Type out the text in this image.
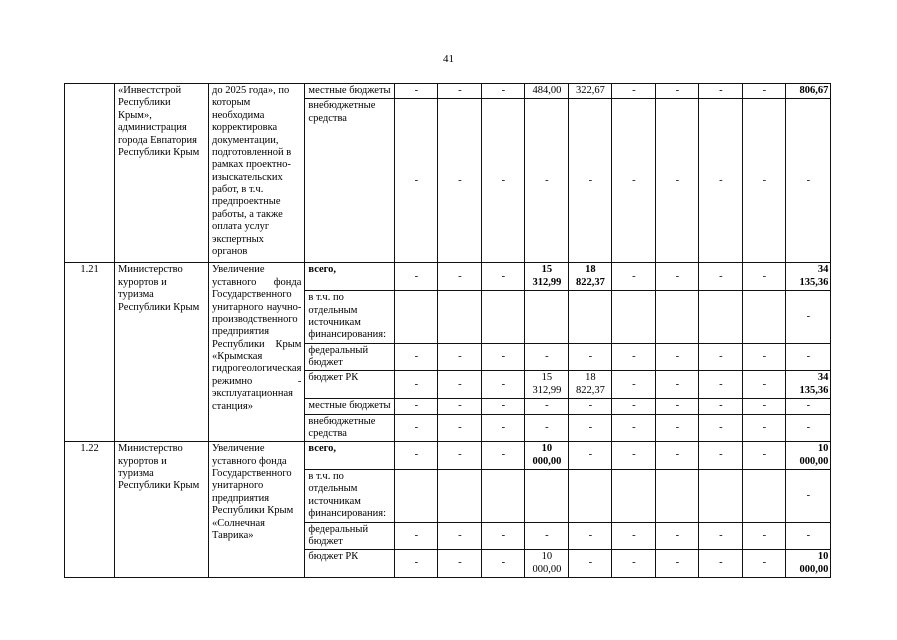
41
	«Инвестстрой Республики Крым», администрация города Евпатория Республики Крым	до 2025 года», по которым необходима корректировка документации, подготовленной в рамках проектно-изыскательских работ, в т.ч. предпроектные работы, а также оплата услуг экспертных органов	местные бюджеты	-	-	-	484,00	322,67	-	-	-	-	806,67
			внебюджетные средства	-	-	-	-	-	-	-	-	-	-
1.21	Министерство курортов и туризма Республики Крым	Увеличение уставного фонда Государственного унитарного научно-производственного предприятия Республики Крым «Крымская гидрогеологическая режимно - эксплуатационная станция»	всего,	-	-	-	15 312,99	18 822,37	-	-	-	-	34 135,36
			в т.ч. по отдельным источникам финансирования:										-
			федеральный бюджет	-	-	-	-	-	-	-	-	-	-
			бюджет РК	-	-	-	15 312,99	18 822,37	-	-	-	-	34 135,36
			местные бюджеты	-	-	-	-	-	-	-	-	-	-
			внебюджетные средства	-	-	-	-	-	-	-	-	-	-
1.22	Министерство курортов и туризма Республики Крым	Увеличение уставного фонда Государственного унитарного предприятия Республики Крым «Солнечная Таврика»	всего,	-	-	-	10 000,00	-	-	-	-	-	10 000,00
			в т.ч. по отдельным источникам финансирования:										-
			федеральный бюджет	-	-	-	-	-	-	-	-	-	-
			бюджет РК	-	-	-	10 000,00	-	-	-	-	-	10 000,00
